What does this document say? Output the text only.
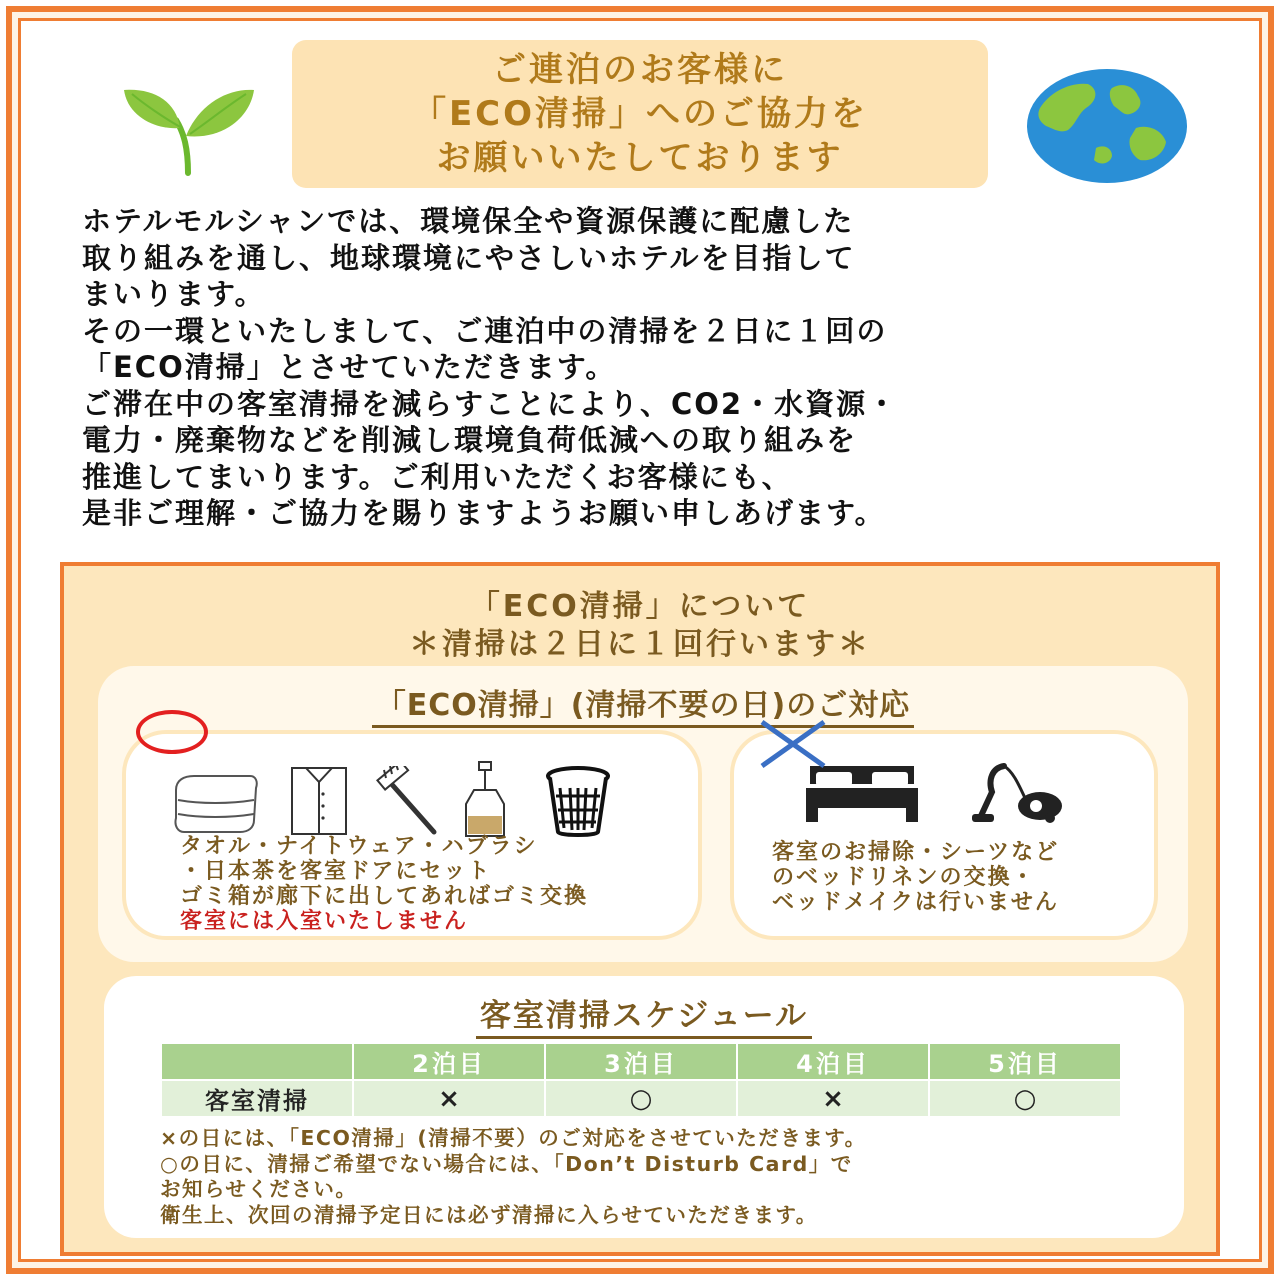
ご連泊のお客様に
「ECO清掃」へのご協力を
お願いいたしております
ホテルモルシャンでは、環境保全や資源保護に配慮した
取り組みを通し、地球環境にやさしいホテルを目指して
まいります。
その一環といたしまして、ご連泊中の清掃を２日に１回の
「ECO清掃」とさせていただきます。
ご滞在中の客室清掃を減らすことにより、CO2・水資源・
電力・廃棄物などを削減し環境負荷低減への取り組みを
推進してまいります。ご利用いただくお客様にも、
是非ご理解・ご協力を賜りますようお願い申しあげます。
「ECO清掃」について
＊清掃は２日に１回行います＊
「ECO清掃」(清掃不要の日)のご対応
タオル・ナイトウェア・ハブラシ
・日本茶を客室ドアにセット
ゴミ箱が廊下に出してあればゴミ交換
客室には入室いたしません
客室のお掃除・シーツなど
のベッドリネンの交換・
ベッドメイクは行いません
客室清掃スケジュール
	2泊目	3泊目	4泊目	5泊目
客室清掃	×	○	×	○
×の日には、「ECO清掃」(清掃不要）のご対応をさせていただきます。
○の日に、清掃ご希望でない場合には、「Don’t Disturb Card」で
お知らせください。
衛生上、次回の清掃予定日には必ず清掃に入らせていただきます。
